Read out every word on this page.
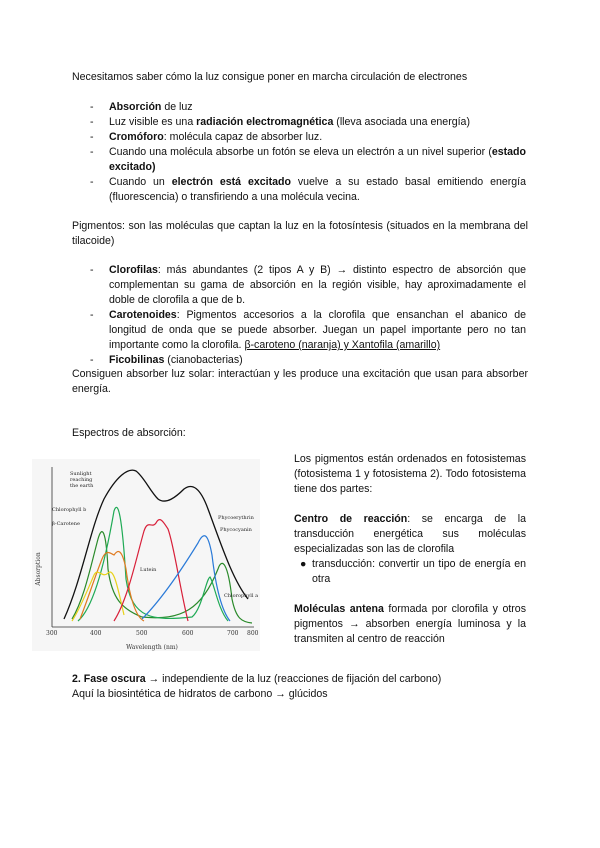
Necesitamos saber cómo la luz consigue poner en marcha circulación de electrones
- Absorción de luz
- Luz visible es una radiación electromagnética (lleva asociada una energía)
- Cromóforo: molécula capaz de absorber luz.
- Cuando una molécula absorbe un fotón se eleva un electrón a un nivel superior (estado excitado)
- Cuando un electrón está excitado vuelve a su estado basal emitiendo energía (fluorescencia) o transfiriendo a una molécula vecina.
Pigmentos: son las moléculas que captan la luz en la fotosíntesis (situados en la membrana del tilacoide)
- Clorofilas: más abundantes (2 tipos A y B) → distinto espectro de absorción que complementan su gama de absorción en la región visible, hay aproximadamente el doble de clorofila a que de b.
- Carotenoides: Pigmentos accesorios a la clorofila que ensanchan el abanico de longitud de onda que se puede absorber. Juegan un papel importante pero no tan importante como la clorofila. β-caroteno (naranja) y Xantofila (amarillo)
- Ficobilinas (cianobacterias)
Consiguen absorber luz solar: interactúan y les produce una excitación que usan para absorber energía.
Espectros de absorción:
Absorption
Wavelength (nm)
300	400	500	600	700 800
Sunlight
reaching
the earth
Chlorophyll b
β-Carotene
Lutein
Phycoerythrin
Phycocyanin
Chlorophyll a

Los pigmentos están ordenados en fotosistemas (fotosistema 1 y fotosistema 2). Todo fotosistema tiene dos partes:

Centro de reacción: se encarga de la transducción energética sus moléculas especializadas son las de clorofila

● transducción: convertir un tipo de energía en otra

Moléculas antena formada por clorofila y otros pigmentos → absorben energía luminosa y la transmiten al centro de reacción

2. Fase oscura → independiente de la luz (reacciones de fijación del carbono)
Aquí la biosintética de hidratos de carbono → glúcidos
